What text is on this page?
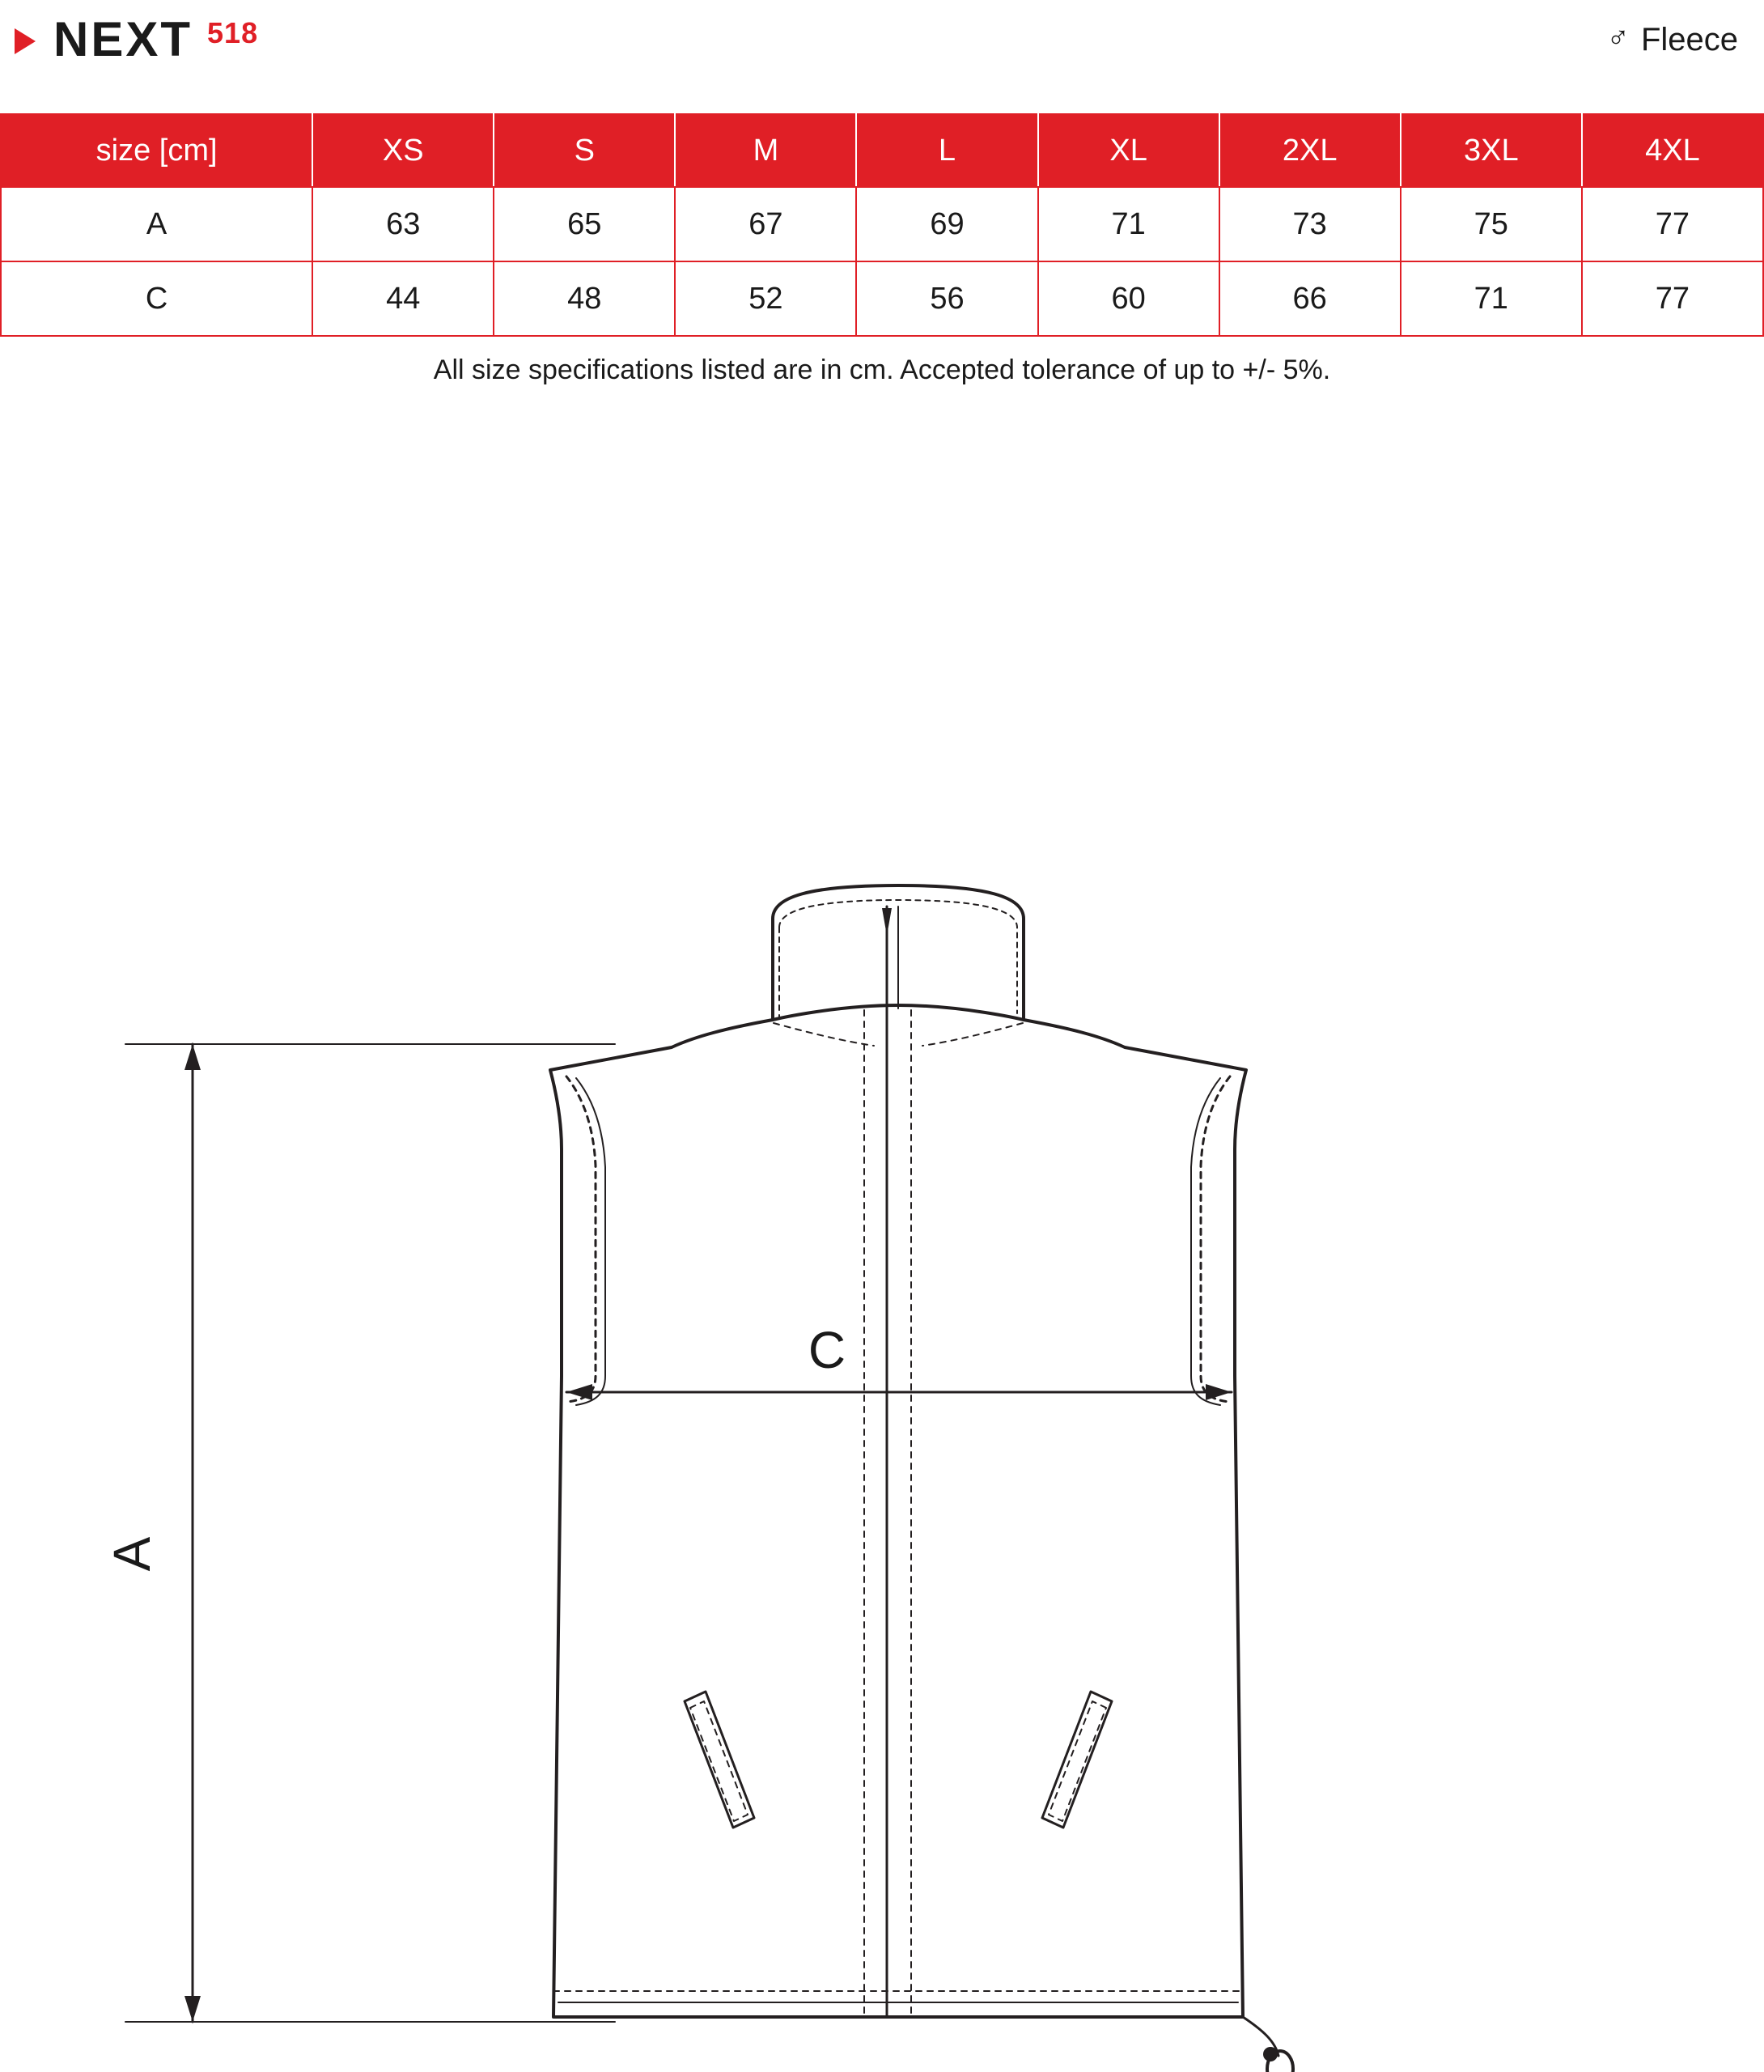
NEXT 518	♂ Fleece
size [cm]	XS	S	M	L	XL	2XL	3XL	4XL
A	63	65	67	69	71	73	75	77
C	44	48	52	56	60	66	71	77
All size specifications listed are in cm. Accepted tolerance of up to +/- 5%.
A
C
